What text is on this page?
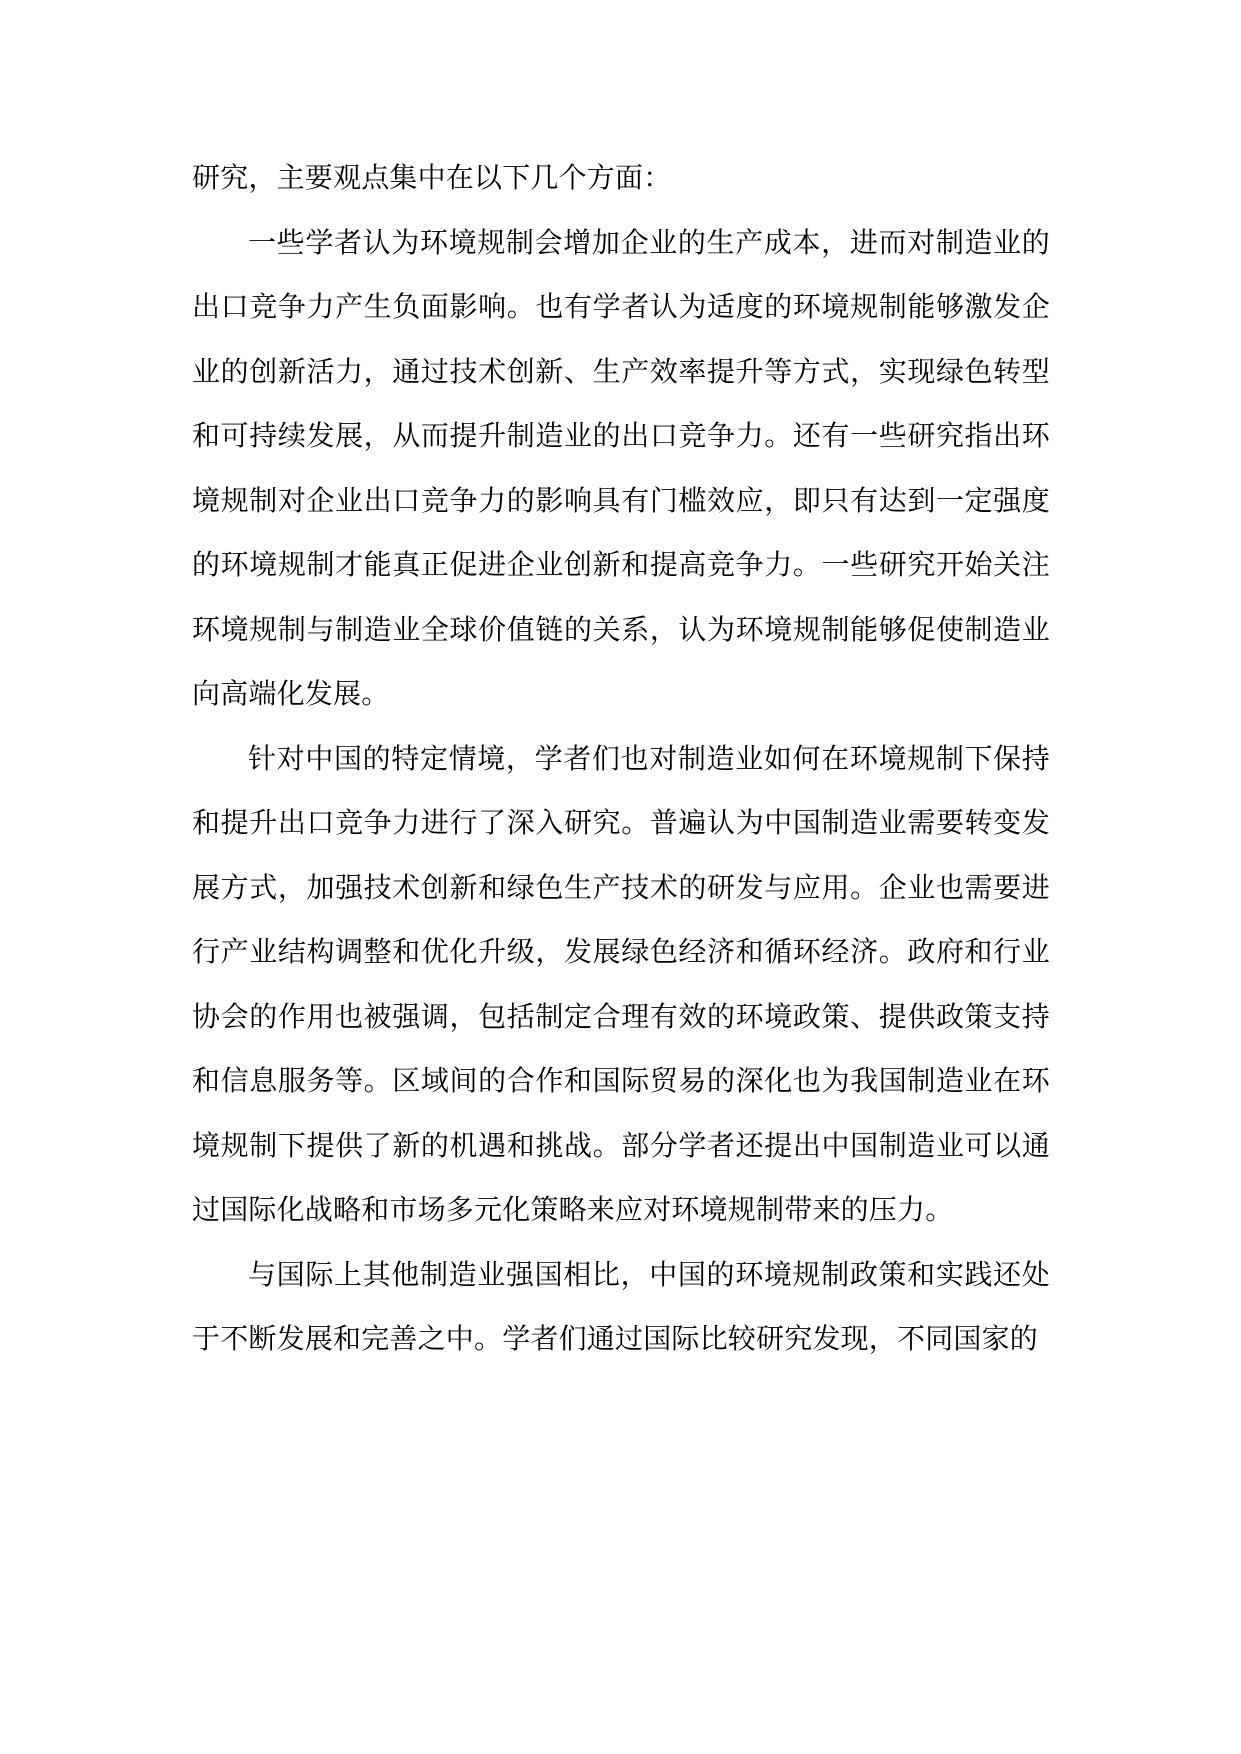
研究，主要观点集中在以下几个方面：

一些学者认为环境规制会增加企业的生产成本，进而对制造业的出口竞争力产生负面影响。也有学者认为适度的环境规制能够激发企业的创新活力，通过技术创新、生产效率提升等方式，实现绿色转型和可持续发展，从而提升制造业的出口竞争力。还有一些研究指出环境规制对企业出口竞争力的影响具有门槛效应，即只有达到一定强度的环境规制才能真正促进企业创新和提高竞争力。一些研究开始关注环境规制与制造业全球价值链的关系，认为环境规制能够促使制造业向高端化发展。

针对中国的特定情境，学者们也对制造业如何在环境规制下保持和提升出口竞争力进行了深入研究。普遍认为中国制造业需要转变发展方式，加强技术创新和绿色生产技术的研发与应用。企业也需要进行产业结构调整和优化升级，发展绿色经济和循环经济。政府和行业协会的作用也被强调，包括制定合理有效的环境政策、提供政策支持和信息服务等。区域间的合作和国际贸易的深化也为我国制造业在环境规制下提供了新的机遇和挑战。部分学者还提出中国制造业可以通过国际化战略和市场多元化策略来应对环境规制带来的压力。

与国际上其他制造业强国相比，中国的环境规制政策和实践还处于不断发展和完善之中。学者们通过国际比较研究发现，不同国家的
